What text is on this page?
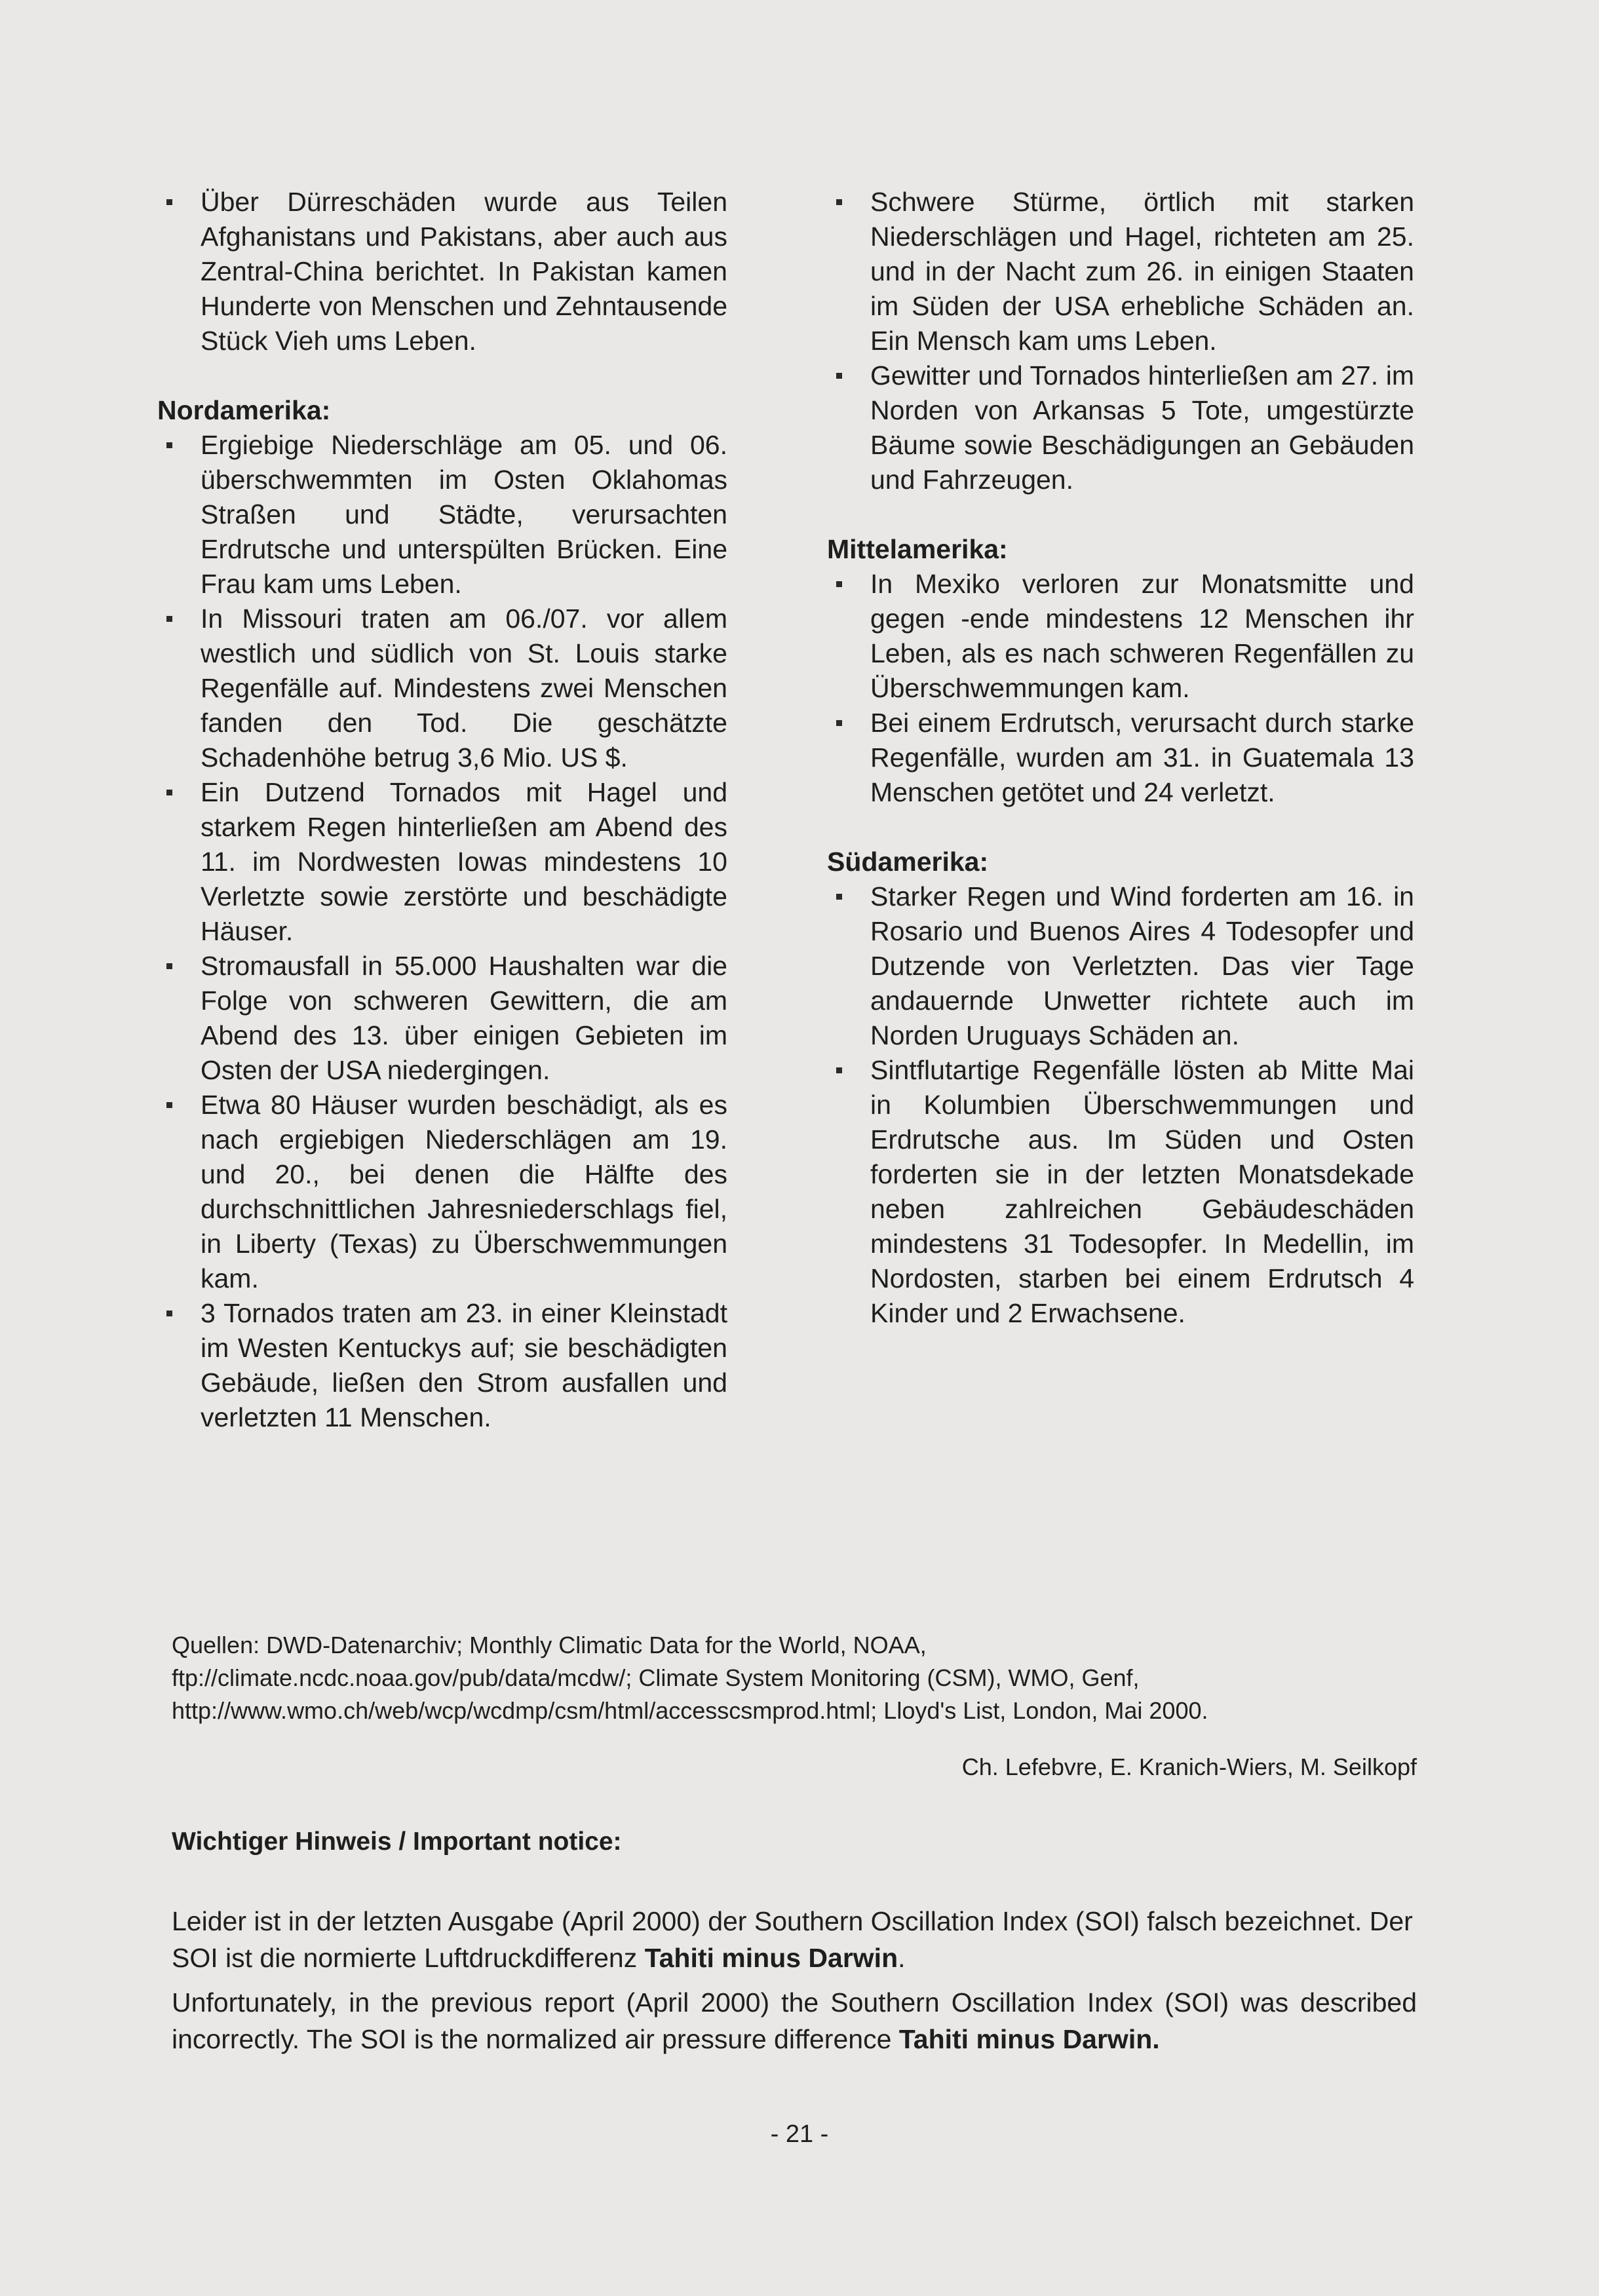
Über Dürreschäden wurde aus Teilen Afghanistans und Pakistans, aber auch aus Zentral-China berichtet. In Pakistan kamen Hunderte von Menschen und Zehntausende Stück Vieh ums Leben.
Nordamerika:
Ergiebige Niederschläge am 05. und 06. überschwemmten im Osten Oklahomas Straßen und Städte, verursachten Erdrutsche und unterspülten Brücken. Eine Frau kam ums Leben.
In Missouri traten am 06./07. vor allem westlich und südlich von St. Louis starke Regenfälle auf. Mindestens zwei Menschen fanden den Tod. Die geschätzte Schadenhöhe betrug 3,6 Mio. US $.
Ein Dutzend Tornados mit Hagel und starkem Regen hinterließen am Abend des 11. im Nordwesten Iowas mindestens 10 Verletzte sowie zerstörte und beschädigte Häuser.
Stromausfall in 55.000 Haushalten war die Folge von schweren Gewittern, die am Abend des 13. über einigen Gebieten im Osten der USA niedergingen.
Etwa 80 Häuser wurden beschädigt, als es nach ergiebigen Niederschlägen am 19. und 20., bei denen die Hälfte des durchschnittlichen Jahresniederschlags fiel, in Liberty (Texas) zu Überschwemmungen kam.
3 Tornados traten am 23. in einer Kleinstadt im Westen Kentuckys auf; sie beschädigten Gebäude, ließen den Strom ausfallen und verletzten 11 Menschen.
Schwere Stürme, örtlich mit starken Niederschlägen und Hagel, richteten am 25. und in der Nacht zum 26. in einigen Staaten im Süden der USA erhebliche Schäden an. Ein Mensch kam ums Leben.
Gewitter und Tornados hinterließen am 27. im Norden von Arkansas 5 Tote, umgestürzte Bäume sowie Beschädigungen an Gebäuden und Fahrzeugen.
Mittelamerika:
In Mexiko verloren zur Monatsmitte und gegen -ende mindestens 12 Menschen ihr Leben, als es nach schweren Regenfällen zu Überschwemmungen kam.
Bei einem Erdrutsch, verursacht durch starke Regenfälle, wurden am 31. in Guatemala 13 Menschen getötet und 24 verletzt.
Südamerika:
Starker Regen und Wind forderten am 16. in Rosario und Buenos Aires 4 Todesopfer und Dutzende von Verletzten. Das vier Tage andauernde Unwetter richtete auch im Norden Uruguays Schäden an.
Sintflutartige Regenfälle lösten ab Mitte Mai in Kolumbien Überschwemmungen und Erdrutsche aus. Im Süden und Osten forderten sie in der letzten Monatsdekade neben zahlreichen Gebäudeschäden mindestens 31 Todesopfer. In Medellin, im Nordosten, starben bei einem Erdrutsch 4 Kinder und 2 Erwachsene.
Quellen: DWD-Datenarchiv; Monthly Climatic Data for the World, NOAA,
ftp://climate.ncdc.noaa.gov/pub/data/mcdw/; Climate System Monitoring (CSM), WMO, Genf,
http://www.wmo.ch/web/wcp/wcdmp/csm/html/accesscsmprod.html; Lloyd's List, London, Mai 2000.
Ch. Lefebvre, E. Kranich-Wiers, M. Seilkopf
Wichtiger Hinweis / Important notice:

Leider ist in der letzten Ausgabe (April 2000) der Southern Oscillation Index (SOI) falsch bezeichnet. Der SOI ist die normierte Luftdruckdifferenz Tahiti minus Darwin.

Unfortunately, in the previous report (April 2000) the Southern Oscillation Index (SOI) was described incorrectly. The SOI is the normalized air pressure difference Tahiti minus Darwin.

- 21 -
